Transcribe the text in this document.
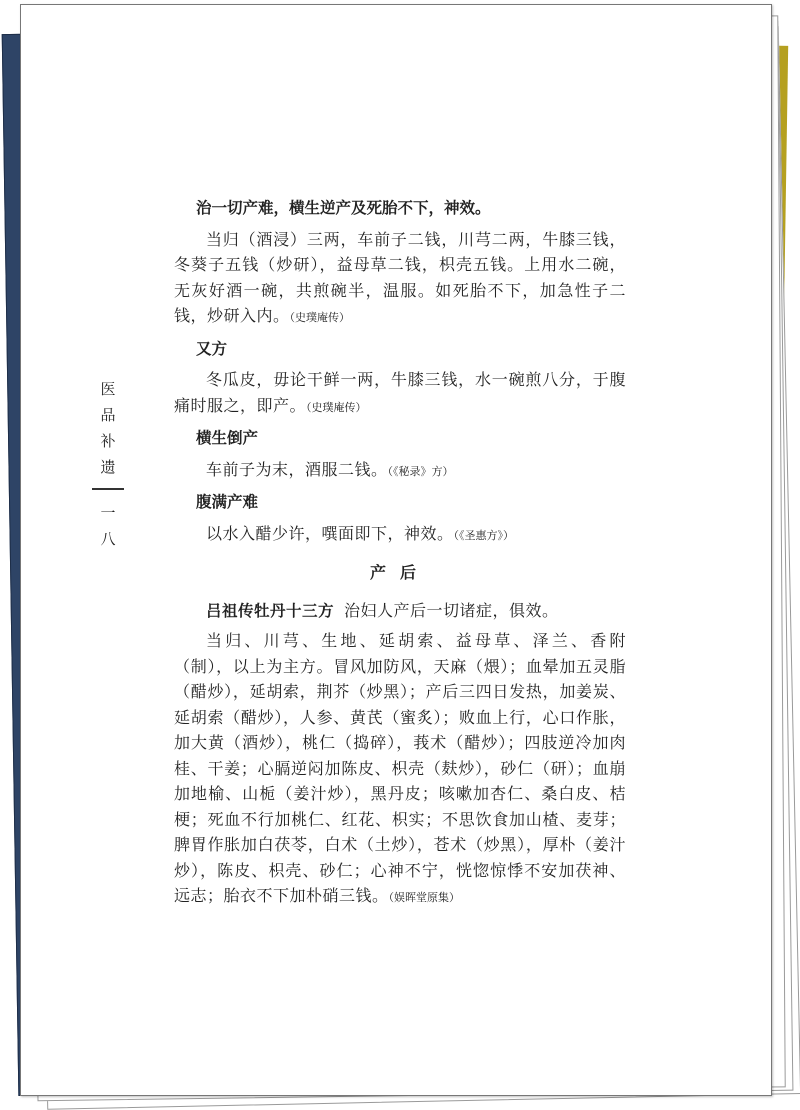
医
品
补
遗
一
八
治一切产难，横生逆产及死胎不下，神效。

当归（酒浸）三两，车前子二钱，川芎二两，牛膝三钱，冬葵子五钱（炒研），益母草二钱，枳壳五钱。上用水二碗，无灰好酒一碗，共煎碗半，温服。如死胎不下，加急性子二钱，炒研入内。（史璞庵传）

又方

冬瓜皮，毋论干鲜一两，牛膝三钱，水一碗煎八分，于腹痛时服之，即产。（史璞庵传）

横生倒产

车前子为末，酒服二钱。（《秘录》方）

腹满产难

以水入醋少许，噀面即下，神效。（《圣惠方》）

产后

吕祖传牡丹十三方 治妇人产后一切诸症，俱效。

当归、川芎、生地、延胡索、益母草、泽兰、香附（制），以上为主方。冒风加防风，天麻（煨）；血晕加五灵脂（醋炒），延胡索，荆芥（炒黑）；产后三四日发热，加姜炭、延胡索（醋炒），人参、黄芪（蜜炙）；败血上行，心口作胀，加大黄（酒炒），桃仁（捣碎），莪术（醋炒）；四肢逆冷加肉桂、干姜；心膈逆闷加陈皮、枳壳（麸炒），砂仁（研）；血崩加地榆、山栀（姜汁炒），黑丹皮；咳嗽加杏仁、桑白皮、桔梗；死血不行加桃仁、红花、枳实；不思饮食加山楂、麦芽；脾胃作胀加白茯苓，白术（土炒），苍术（炒黑），厚朴（姜汁炒），陈皮、枳壳、砂仁；心神不宁，恍惚惊悸不安加茯神、远志；胎衣不下加朴硝三钱。（娱晖堂原集）
